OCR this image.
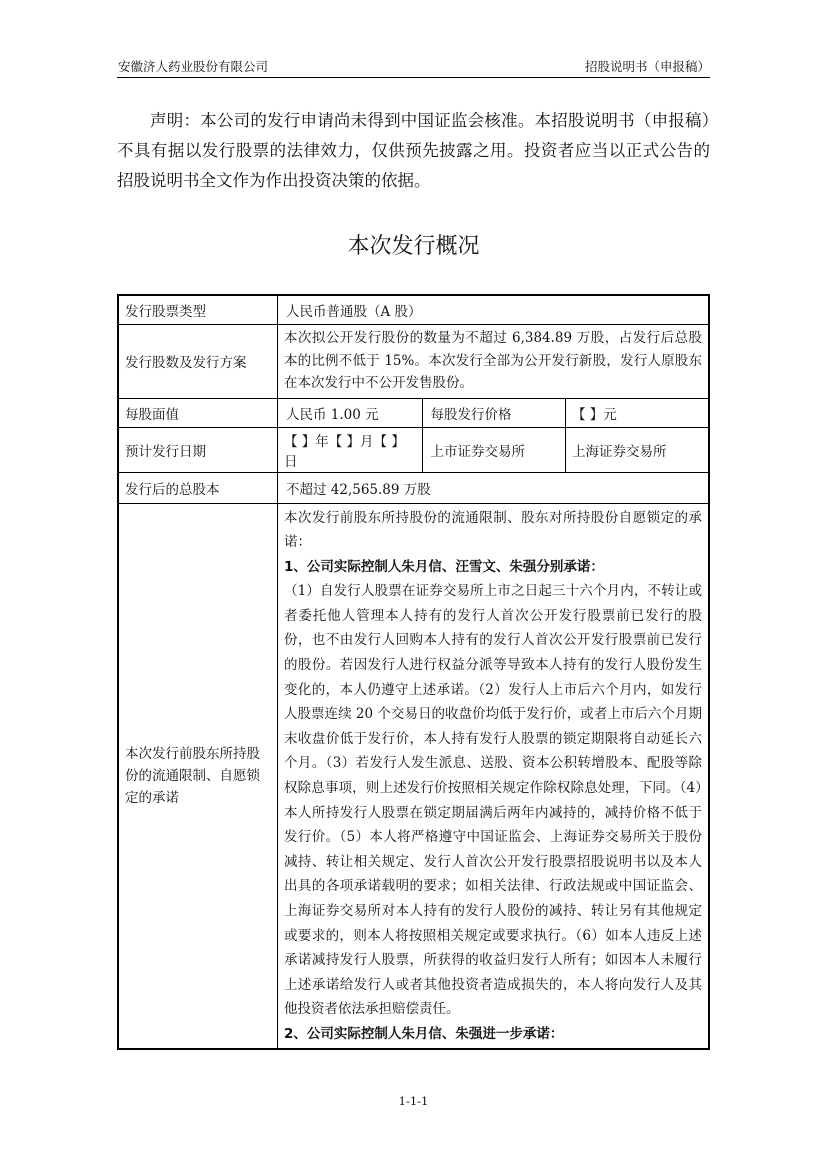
安徽济人药业股份有限公司	招股说明书（申报稿）

声明：本公司的发行申请尚未得到中国证监会核准。本招股说明书（申报稿）不具有据以发行股票的法律效力，仅供预先披露之用。投资者应当以正式公告的招股说明书全文作为作出投资决策的依据。

本次发行概况
发行股票类型	人民币普通股（A 股）		
发行股数及发行方案	本次拟公开发行股份的数量为不超过 6,384.89 万股，占发行后总股本的比例不低于 15%。本次发行全部为公开发行新股，发行人原股东在本次发行中不公开发售股份。		
每股面值	人民币 1.00 元	每股发行价格	【 】元
预计发行日期	【 】年【 】月【 】日	上市证券交易所	上海证券交易所
发行后的总股本	不超过 42,565.89 万股		
本次发行前股东所持股份的流通限制、自愿锁定的承诺	本次发行前股东所持股份的流通限制、股东对所持股份自愿锁定的承诺：
1、公司实际控制人朱月信、汪雪文、朱强分别承诺：
（1）自发行人股票在证券交易所上市之日起三十六个月内，不转让或者委托他人管理本人持有的发行人首次公开发行股票前已发行的股份，也不由发行人回购本人持有的发行人首次公开发行股票前已发行的股份。若因发行人进行权益分派等导致本人持有的发行人股份发生变化的，本人仍遵守上述承诺。（2）发行人上市后六个月内，如发行人股票连续 20 个交易日的收盘价均低于发行价，或者上市后六个月期末收盘价低于发行价，本人持有发行人股票的锁定期限将自动延长六个月。（3）若发行人发生派息、送股、资本公积转增股本、配股等除权除息事项，则上述发行价按照相关规定作除权除息处理，下同。（4）本人所持发行人股票在锁定期届满后两年内减持的，减持价格不低于发行价。（5）本人将严格遵守中国证监会、上海证券交易所关于股份减持、转让相关规定、发行人首次公开发行股票招股说明书以及本人出具的各项承诺载明的要求；如相关法律、行政法规或中国证监会、上海证券交易所对本人持有的发行人股份的减持、转让另有其他规定或要求的，则本人将按照相关规定或要求执行。（6）如本人违反上述承诺减持发行人股票，所获得的收益归发行人所有；如因本人未履行上述承诺给发行人或者其他投资者造成损失的，本人将向发行人及其他投资者依法承担赔偿责任。
2、公司实际控制人朱月信、朱强进一步承诺：		
1-1-1
